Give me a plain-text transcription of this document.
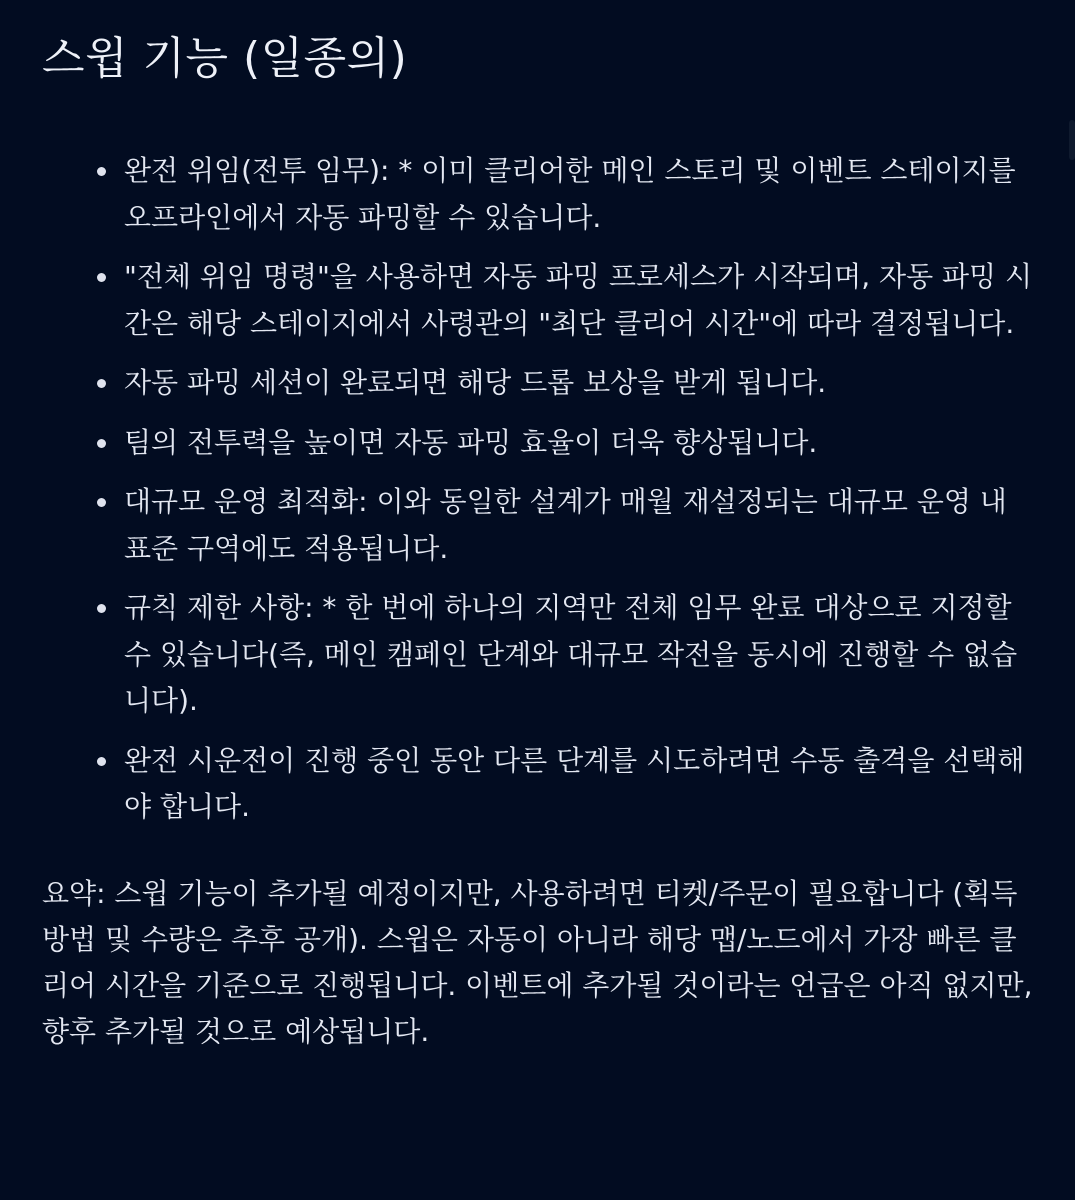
스윕 기능 (일종의)
완전 위임(전투 임무): * 이미 클리어한 메인 스토리 및 이벤트 스테이지를 오프라인에서 자동 파밍할 수 있습니다.
"전체 위임 명령"을 사용하면 자동 파밍 프로세스가 시작되며, 자동 파밍 시간은 해당 스테이지에서 사령관의 "최단 클리어 시간"에 따라 결정됩니다.
자동 파밍 세션이 완료되면 해당 드롭 보상을 받게 됩니다.
팀의 전투력을 높이면 자동 파밍 효율이 더욱 향상됩니다.
대규모 운영 최적화: 이와 동일한 설계가 매월 재설정되는 대규모 운영 내 표준 구역에도 적용됩니다.
규칙 제한 사항: * 한 번에 하나의 지역만 전체 임무 완료 대상으로 지정할 수 있습니다(즉, 메인 캠페인 단계와 대규모 작전을 동시에 진행할 수 없습니다).
완전 시운전이 진행 중인 동안 다른 단계를 시도하려면 수동 출격을 선택해야 합니다.

요약: 스윕 기능이 추가될 예정이지만, 사용하려면 티켓/주문이 필요합니다 (획득 방법 및 수량은 추후 공개). 스윕은 자동이 아니라 해당 맵/노드에서 가장 빠른 클리어 시간을 기준으로 진행됩니다. 이벤트에 추가될 것이라는 언급은 아직 없지만, 향후 추가될 것으로 예상됩니다.
